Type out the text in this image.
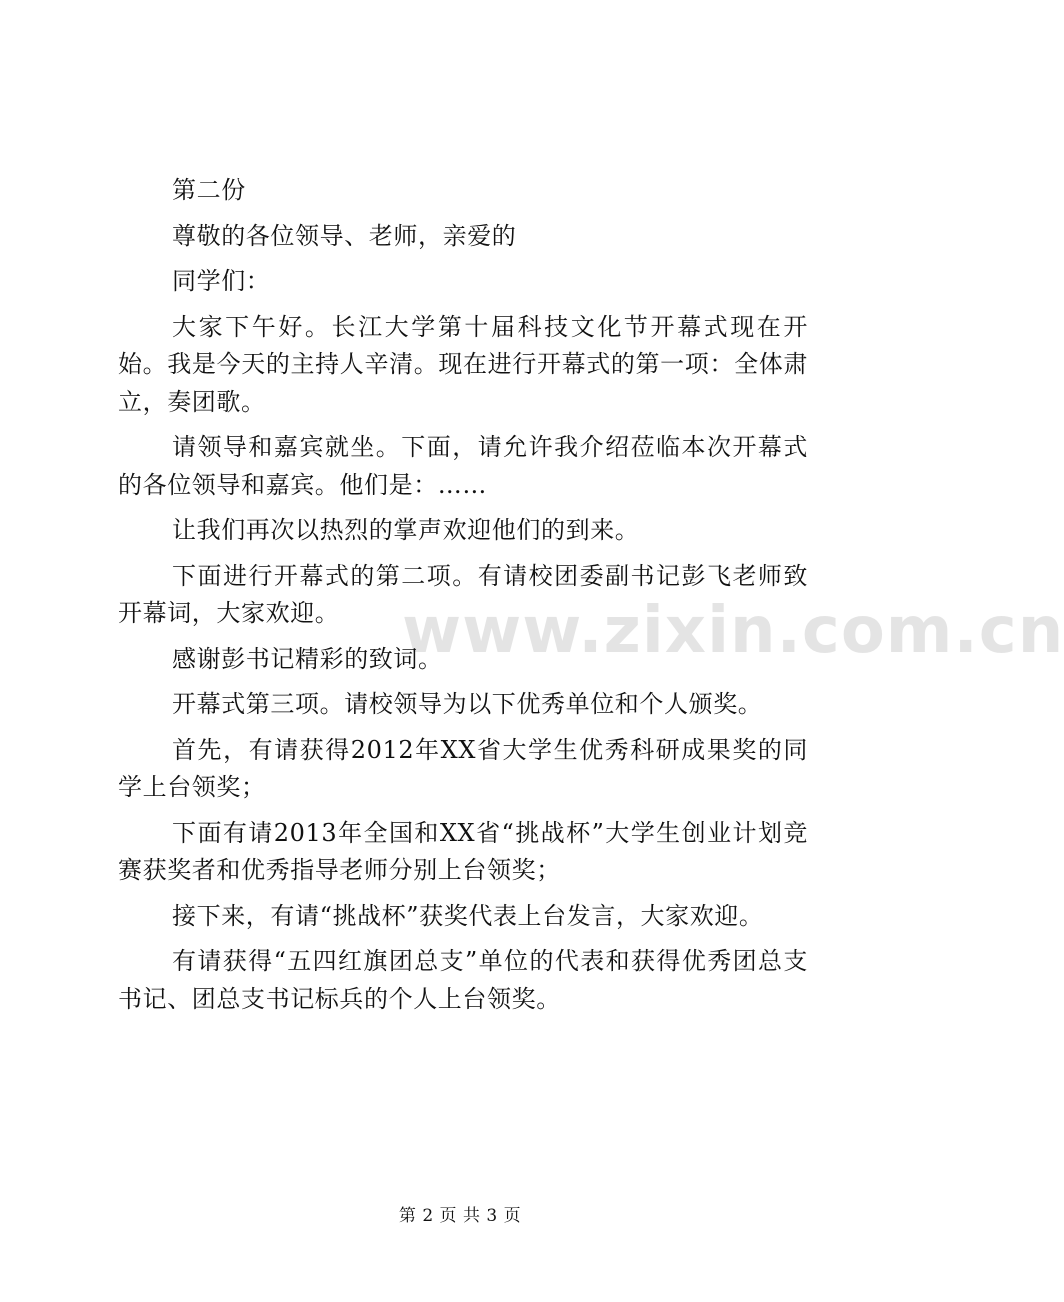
第二份

尊敬的各位领导、老师，亲爱的

同学们：

大家下午好。长江大学第十届科技文化节开幕式现在开始。我是今天的主持人辛清。现在进行开幕式的第一项：全体肃立，奏团歌。

请领导和嘉宾就坐。下面，请允许我介绍莅临本次开幕式的各位领导和嘉宾。他们是：……

让我们再次以热烈的掌声欢迎他们的到来。

下面进行开幕式的第二项。有请校团委副书记彭飞老师致开幕词，大家欢迎。

感谢彭书记精彩的致词。

开幕式第三项。请校领导为以下优秀单位和个人颁奖。

首先，有请获得2012年XX省大学生优秀科研成果奖的同学上台领奖；

下面有请2013年全国和XX省“挑战杯”大学生创业计划竞赛获奖者和优秀指导老师分别上台领奖；

接下来，有请“挑战杯”获奖代表上台发言，大家欢迎。

有请获得“五四红旗团总支”单位的代表和获得优秀团总支书记、团总支书记标兵的个人上台领奖。

www.zixin.com.cn
第 2 页 共 3 页
